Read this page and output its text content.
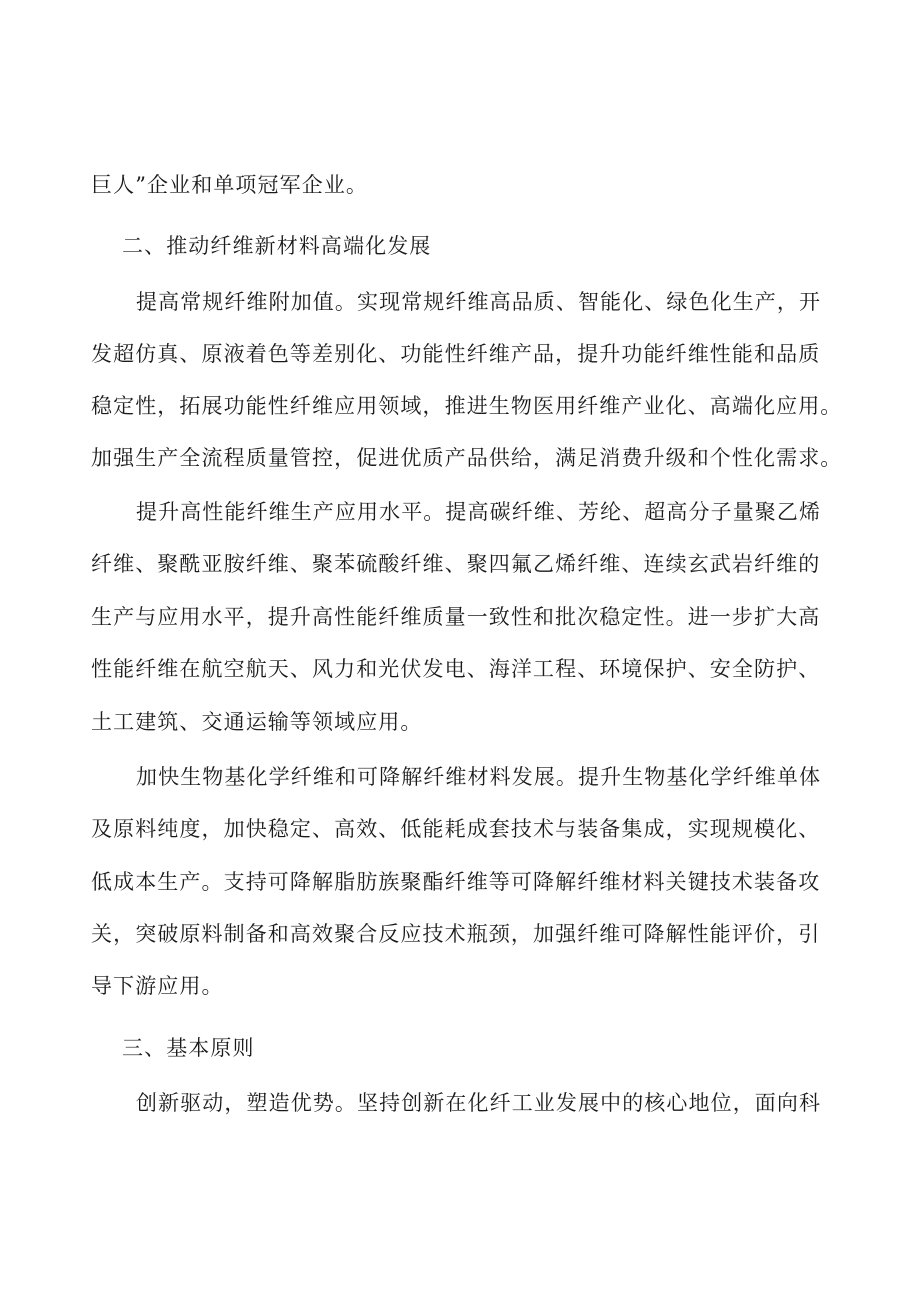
巨人”企业和单项冠军企业。
二、推动纤维新材料高端化发展
提高常规纤维附加值。实现常规纤维高品质、智能化、绿色化生产，开
发超仿真、原液着色等差别化、功能性纤维产品，提升功能纤维性能和品质
稳定性，拓展功能性纤维应用领域，推进生物医用纤维产业化、高端化应用。
加强生产全流程质量管控，促进优质产品供给，满足消费升级和个性化需求。
提升高性能纤维生产应用水平。提高碳纤维、芳纶、超高分子量聚乙烯
纤维、聚酰亚胺纤维、聚苯硫酸纤维、聚四氟乙烯纤维、连续玄武岩纤维的
生产与应用水平，提升高性能纤维质量一致性和批次稳定性。进一步扩大高
性能纤维在航空航天、风力和光伏发电、海洋工程、环境保护、安全防护、
土工建筑、交通运输等领域应用。
加快生物基化学纤维和可降解纤维材料发展。提升生物基化学纤维单体
及原料纯度，加快稳定、高效、低能耗成套技术与装备集成，实现规模化、
低成本生产。支持可降解脂肪族聚酯纤维等可降解纤维材料关键技术装备攻
关，突破原料制备和高效聚合反应技术瓶颈，加强纤维可降解性能评价，引
导下游应用。
三、基本原则
创新驱动，塑造优势。坚持创新在化纤工业发展中的核心地位，面向科
